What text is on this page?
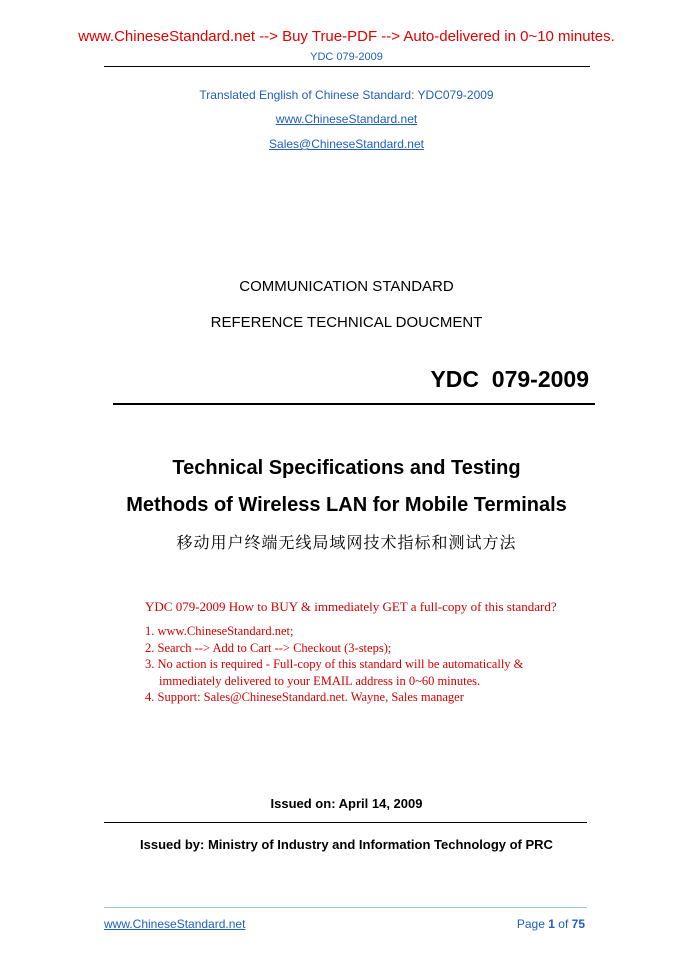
www.ChineseStandard.net --> Buy True-PDF --> Auto-delivered in 0~10 minutes.
YDC 079-2009
Translated English of Chinese Standard: YDC079-2009
www.ChineseStandard.net
Sales@ChineseStandard.net
COMMUNICATION STANDARD
REFERENCE TECHNICAL DOUCMENT
YDC  079-2009
Technical Specifications and Testing
Methods of Wireless LAN for Mobile Terminals
移动用户终端无线局域网技术指标和测试方法
YDC 079-2009 How to BUY & immediately GET a full-copy of this standard?
1. www.ChineseStandard.net;
2. Search --> Add to Cart --> Checkout (3-steps);
3. No action is required - Full-copy of this standard will be automatically & immediately delivered to your EMAIL address in 0~60 minutes.
4. Support: Sales@ChineseStandard.net. Wayne, Sales manager
Issued on: April 14, 2009
Issued by: Ministry of Industry and Information Technology of PRC
www.ChineseStandard.net	Page 1 of 75
